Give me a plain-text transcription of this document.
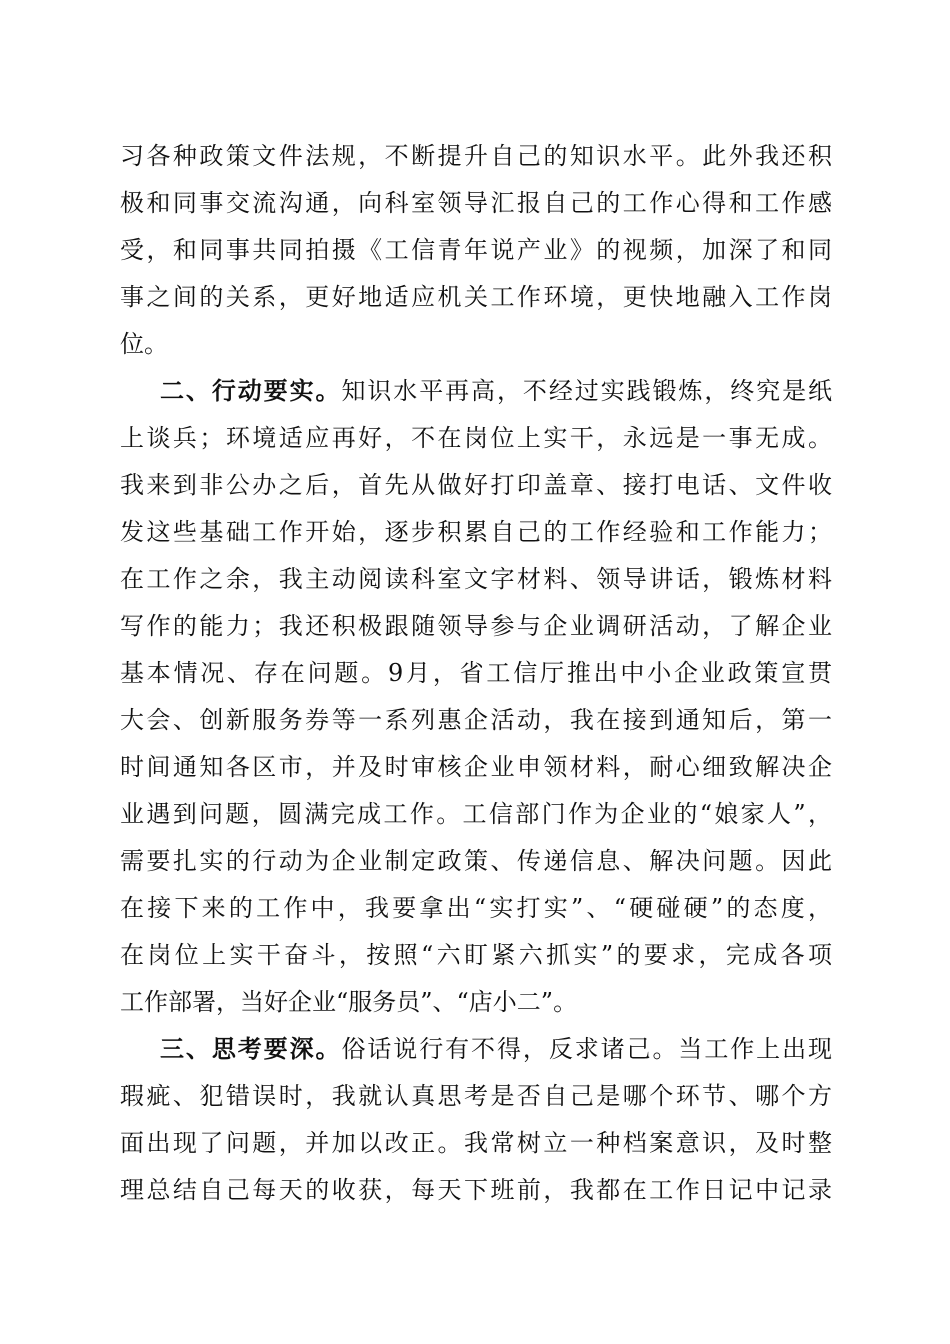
习各种政策文件法规，不断提升自己的知识水平。此外我还积
极和同事交流沟通，向科室领导汇报自己的工作心得和工作感
受，和同事共同拍摄《工信青年说产业》的视频，加深了和同
事之间的关系，更好地适应机关工作环境，更快地融入工作岗
位。
二、行动要实。知识水平再高，不经过实践锻炼，终究是纸
上谈兵；环境适应再好，不在岗位上实干，永远是一事无成。
我来到非公办之后，首先从做好打印盖章、接打电话、文件收
发这些基础工作开始，逐步积累自己的工作经验和工作能力；
在工作之余，我主动阅读科室文字材料、领导讲话，锻炼材料
写作的能力；我还积极跟随领导参与企业调研活动，了解企业
基本情况、存在问题。9月，省工信厅推出中小企业政策宣贯
大会、创新服务券等一系列惠企活动，我在接到通知后，第一
时间通知各区市，并及时审核企业申领材料，耐心细致解决企
业遇到问题，圆满完成工作。工信部门作为企业的“娘家人”，
需要扎实的行动为企业制定政策、传递信息、解决问题。因此
在接下来的工作中，我要拿出“实打实”、“硬碰硬”的态度，
在岗位上实干奋斗，按照“六盯紧六抓实”的要求，完成各项
工作部署，当好企业“服务员”、“店小二”。
三、思考要深。俗话说行有不得，反求诸己。当工作上出现
瑕疵、犯错误时，我就认真思考是否自己是哪个环节、哪个方
面出现了问题，并加以改正。我常树立一种档案意识，及时整
理总结自己每天的收获，每天下班前，我都在工作日记中记录
